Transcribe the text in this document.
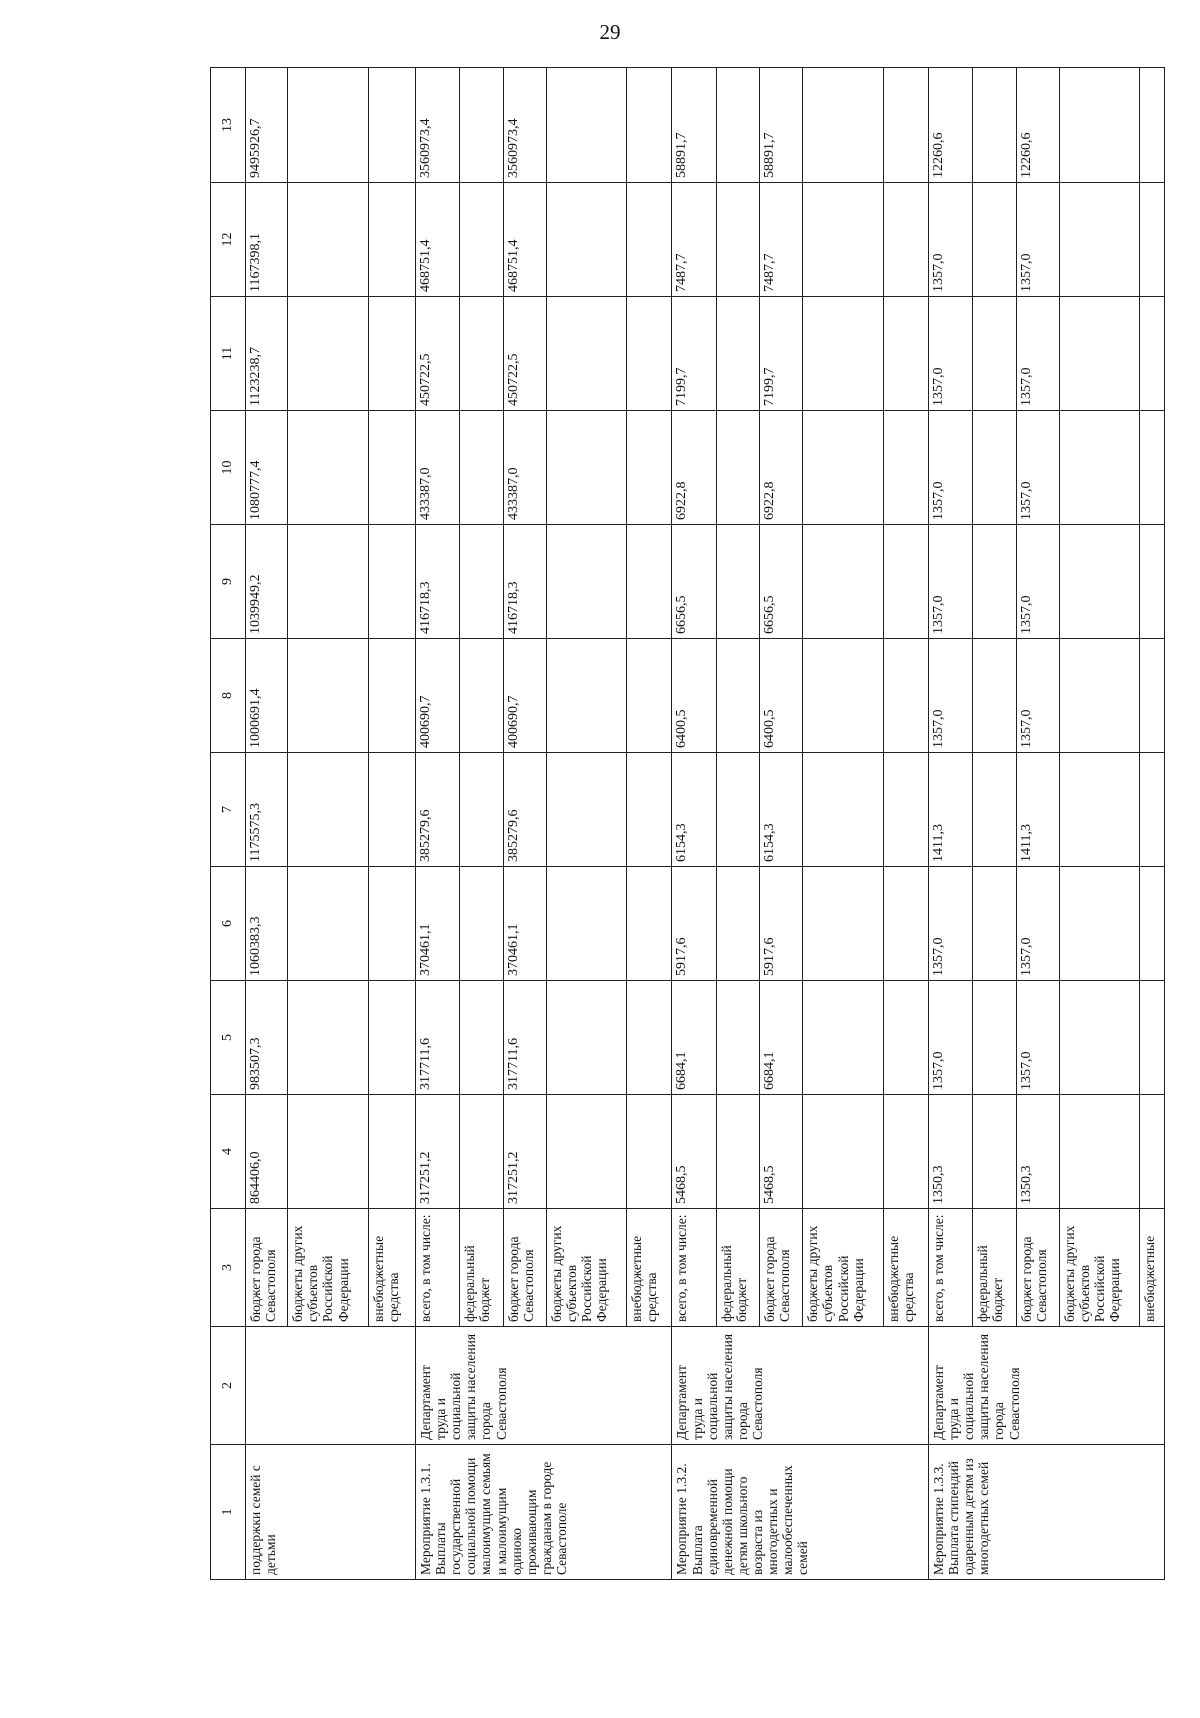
29
1	2	3	4	5	6	7	8	9	10	11	12	13
поддержки семей с детьми		бюджет города Севастополя	864406,0	983507,3	1060383,3	1175575,3	1000691,4	1039949,2	1080777,4	1123238,7	1167398,1	9495926,7
		бюджеты других субъектов Российской Федерации										
		внебюджетные средства										
Мероприятие 1.3.1. Выплаты государственной социальной помощи малоимущим семьям и малоимущим одиноко проживающим гражданам в городе Севастополе	Департамент труда и социальной защиты населения города Севастополя	всего, в том числе:	317251,2	317711,6	370461,1	385279,6	400690,7	416718,3	433387,0	450722,5	468751,4	3560973,4
		федеральный бюджет										
		бюджет города Севастополя	317251,2	317711,6	370461,1	385279,6	400690,7	416718,3	433387,0	450722,5	468751,4	3560973,4
		бюджеты других субъектов Российской Федерации										
		внебюджетные средства										
Мероприятие 1.3.2. Выплата единовременной денежной помощи детям школьного возраста из многодетных и малообеспеченных семей	Департамент труда и социальной защиты населения города Севастополя	всего, в том числе:	5468,5	6684,1	5917,6	6154,3	6400,5	6656,5	6922,8	7199,7	7487,7	58891,7
		федеральный бюджет										
		бюджет города Севастополя	5468,5	6684,1	5917,6	6154,3	6400,5	6656,5	6922,8	7199,7	7487,7	58891,7
		бюджеты других субъектов Российской Федерации										
		внебюджетные средства										
Мероприятие 1.3.3. Выплата стипендий одаренным детям из многодетных семей	Департамент труда и социальной защиты населения города Севастополя	всего, в том числе:	1350,3	1357,0	1357,0	1411,3	1357,0	1357,0	1357,0	1357,0	1357,0	12260,6
		федеральный бюджет										
		бюджет города Севастополя	1350,3	1357,0	1357,0	1411,3	1357,0	1357,0	1357,0	1357,0	1357,0	12260,6
		бюджеты других субъектов Российской Федерации										
		внебюджетные										
